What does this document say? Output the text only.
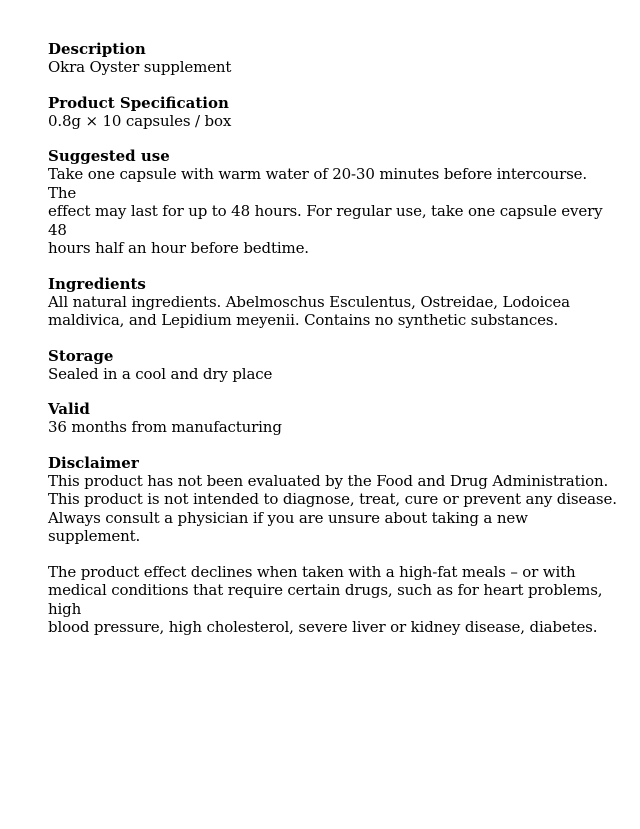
Description

Okra Oyster supplement

Product Specification

0.8g × 10 capsules / box

Suggested use

Take one capsule with warm water of 20-30 minutes before intercourse. The

effect may last for up to 48 hours. For regular use, take one capsule every 48

hours half an hour before bedtime.

Ingredients

All natural ingredients. Abelmoschus Esculentus, Ostreidae, Lodoicea

maldivica, and Lepidium meyenii. Contains no synthetic substances.

Storage

Sealed in a cool and dry place

Valid

36 months from manufacturing

Disclaimer

This product has not been evaluated by the Food and Drug Administration.

This product is not intended to diagnose, treat, cure or prevent any disease.

Always consult a physician if you are unsure about taking a new supplement.

The product effect declines when taken with a high-fat meals – or with

medical conditions that require certain drugs, such as for heart problems, high

blood pressure, high cholesterol, severe liver or kidney disease, diabetes.
